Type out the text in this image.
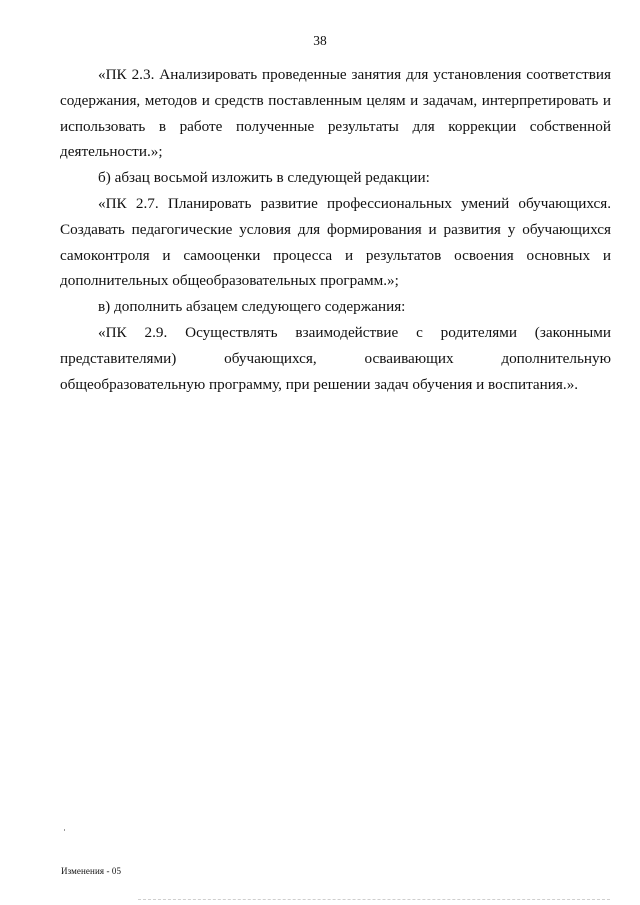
38

«ПК 2.3. Анализировать проведенные занятия для установления соответствия содержания, методов и средств поставленным целям и задачам, интерпретировать и использовать в работе полученные результаты для коррекции собственной деятельности.»;

б) абзац восьмой изложить в следующей редакции:

«ПК 2.7. Планировать развитие профессиональных умений обучающихся. Создавать педагогические условия для формирования и развития у обучающихся самоконтроля и самооценки процесса и результатов освоения основных и дополнительных общеобразовательных программ.»;

в) дополнить абзацем следующего содержания:

«ПК 2.9. Осуществлять взаимодействие с родителями (законными представителями) обучающихся, осваивающих дополнительную общеобразовательную программу, при решении задач обучения и воспитания.».

Изменения - 05
